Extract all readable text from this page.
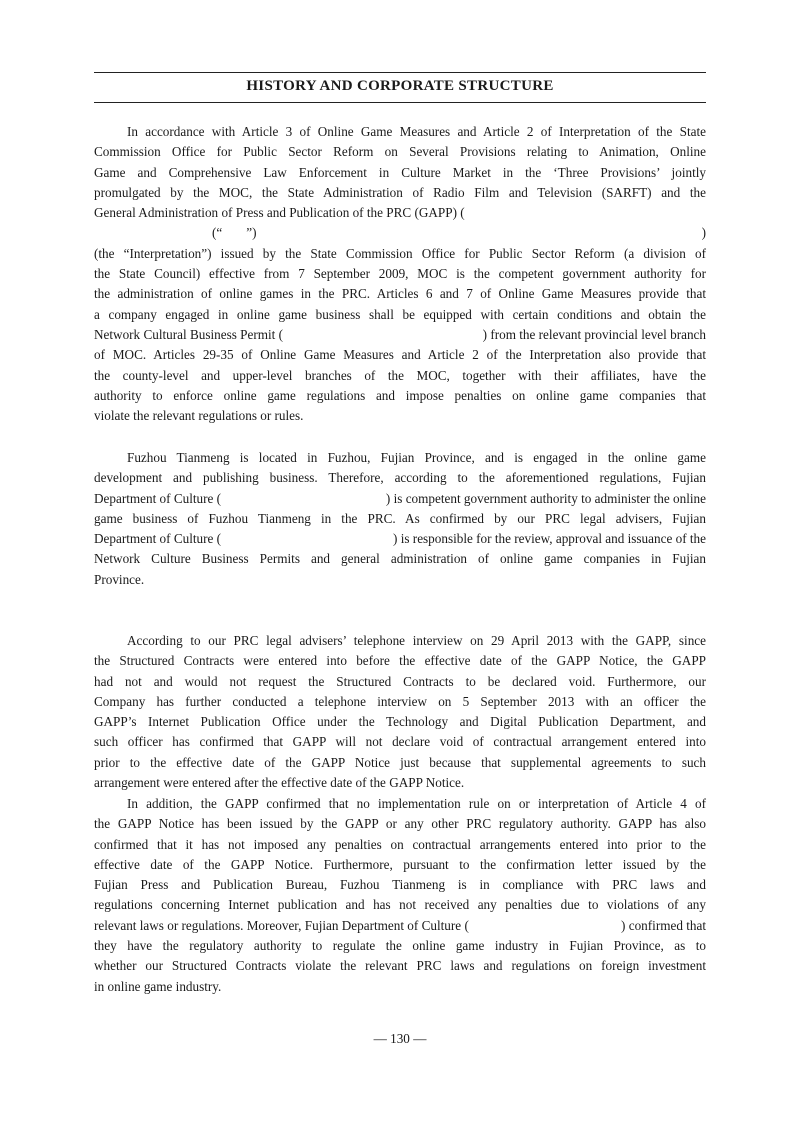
HISTORY AND CORPORATE STRUCTURE

In accordance with Article 3 of Online Game Measures and Article 2 of Interpretation of the State
Commission Office for Public Sector Reform on Several Provisions relating to Animation, Online
Game and Comprehensive Law Enforcement in Culture Market in the ‘Three Provisions’ jointly
promulgated by the MOC, the State Administration of Radio Film and Television (SARFT) and the
General Administration of Press and Publication of the PRC (GAPP) (
(“ ”)	)
(the “Interpretation”) issued by the State Commission Office for Public Sector Reform (a division of
the State Council) effective from 7 September 2009, MOC is the competent government authority for
the administration of online games in the PRC. Articles 6 and 7 of Online Game Measures provide that
a company engaged in online game business shall be equipped with certain conditions and obtain the
Network Cultural Business Permit (	) from the relevant provincial level branch
of MOC. Articles 29-35 of Online Game Measures and Article 2 of the Interpretation also provide that
the county-level and upper-level branches of the MOC, together with their affiliates, have the
authority to enforce online game regulations and impose penalties on online game companies that
violate the relevant regulations or rules.

Fuzhou Tianmeng is located in Fuzhou, Fujian Province, and is engaged in the online game
development and publishing business. Therefore, according to the aforementioned regulations, Fujian
Department of Culture (	) is competent government authority to administer the online
game business of Fuzhou Tianmeng in the PRC. As confirmed by our PRC legal advisers, Fujian
Department of Culture (	) is responsible for the review, approval and issuance of the
Network Culture Business Permits and general administration of online game companies in Fujian
Province.

According to our PRC legal advisers’ telephone interview on 29 April 2013 with the GAPP, since
the Structured Contracts were entered into before the effective date of the GAPP Notice, the GAPP
had not and would not request the Structured Contracts to be declared void. Furthermore, our
Company has further conducted a telephone interview on 5 September 2013 with an officer the
GAPP’s Internet Publication Office under the Technology and Digital Publication Department, and
such officer has confirmed that GAPP will not declare void of contractual arrangement entered into
prior to the effective date of the GAPP Notice just because that supplemental agreements to such
arrangement were entered after the effective date of the GAPP Notice.

In addition, the GAPP confirmed that no implementation rule on or interpretation of Article 4 of
the GAPP Notice has been issued by the GAPP or any other PRC regulatory authority. GAPP has also
confirmed that it has not imposed any penalties on contractual arrangements entered into prior to the
effective date of the GAPP Notice. Furthermore, pursuant to the confirmation letter issued by the
Fujian Press and Publication Bureau, Fuzhou Tianmeng is in compliance with PRC laws and
regulations concerning Internet publication and has not received any penalties due to violations of any
relevant laws or regulations. Moreover, Fujian Department of Culture (	) confirmed that
they have the regulatory authority to regulate the online game industry in Fujian Province, as to
whether our Structured Contracts violate the relevant PRC laws and regulations on foreign investment
in online game industry.

— 130 —
